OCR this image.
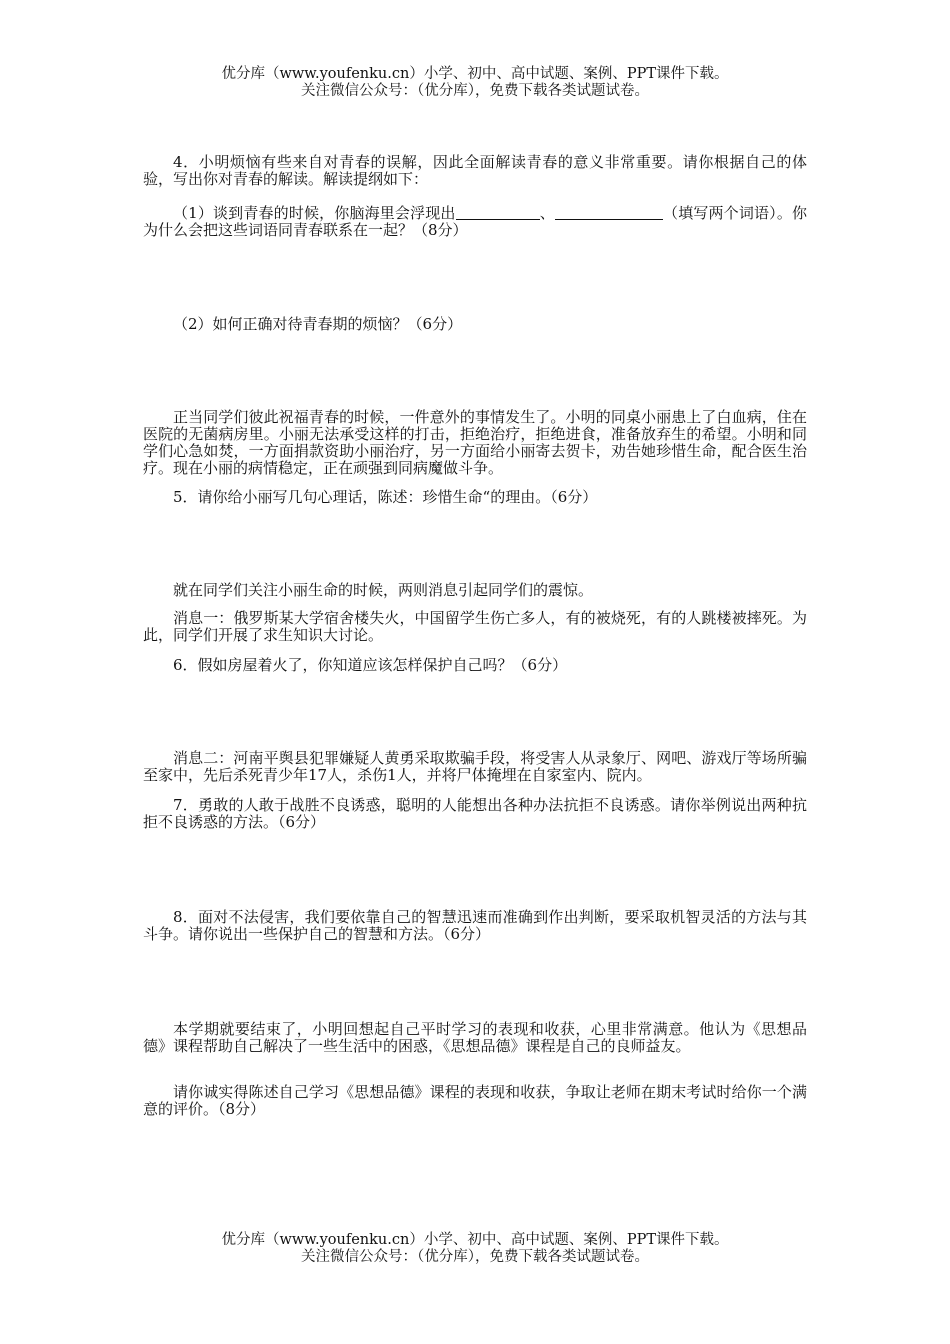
优分库（www.youfenku.cn）小学、初中、高中试题、案例、PPT课件下载。
关注微信公众号：（优分库），免费下载各类试题试卷。
4．小明烦恼有些来自对青春的误解，因此全面解读青春的意义非常重要。请你根据自己的体验，写出你对青春的解读。解读提纲如下：
（1）谈到青春的时候，你脑海里会浮现出	、	（填写两个词语）。你为什么会把这些词语同青春联系在一起？（8分）
（2）如何正确对待青春期的烦恼？（6分）
正当同学们彼此祝福青春的时候，一件意外的事情发生了。小明的同桌小丽患上了白血病，住在医院的无菌病房里。小丽无法承受这样的打击，拒绝治疗，拒绝进食，准备放弃生的希望。小明和同学们心急如焚，一方面捐款资助小丽治疗，另一方面给小丽寄去贺卡，劝告她珍惜生命，配合医生治疗。现在小丽的病情稳定，正在顽强到同病魔做斗争。
5．请你给小丽写几句心理话，陈述：珍惜生命“的理由。（6分）
就在同学们关注小丽生命的时候，两则消息引起同学们的震惊。
消息一：俄罗斯某大学宿舍楼失火，中国留学生伤亡多人，有的被烧死，有的人跳楼被摔死。为此，同学们开展了求生知识大讨论。
6．假如房屋着火了，你知道应该怎样保护自己吗？（6分）
消息二：河南平舆县犯罪嫌疑人黄勇采取欺骗手段，将受害人从录象厅、网吧、游戏厅等场所骗至家中，先后杀死青少年17人，杀伤1人，并将尸体掩埋在自家室内、院内。
7．勇敢的人敢于战胜不良诱惑，聪明的人能想出各种办法抗拒不良诱惑。请你举例说出两种抗拒不良诱惑的方法。（6分）
8．面对不法侵害，我们要依靠自己的智慧迅速而准确到作出判断，要采取机智灵活的方法与其斗争。请你说出一些保护自己的智慧和方法。（6分）
本学期就要结束了，小明回想起自己平时学习的表现和收获，心里非常满意。他认为《思想品德》课程帮助自己解决了一些生活中的困惑，《思想品德》课程是自己的良师益友。
请你诚实得陈述自己学习《思想品德》课程的表现和收获，争取让老师在期末考试时给你一个满意的评价。（8分）
优分库（www.youfenku.cn）小学、初中、高中试题、案例、PPT课件下载。
关注微信公众号：（优分库），免费下载各类试题试卷。
